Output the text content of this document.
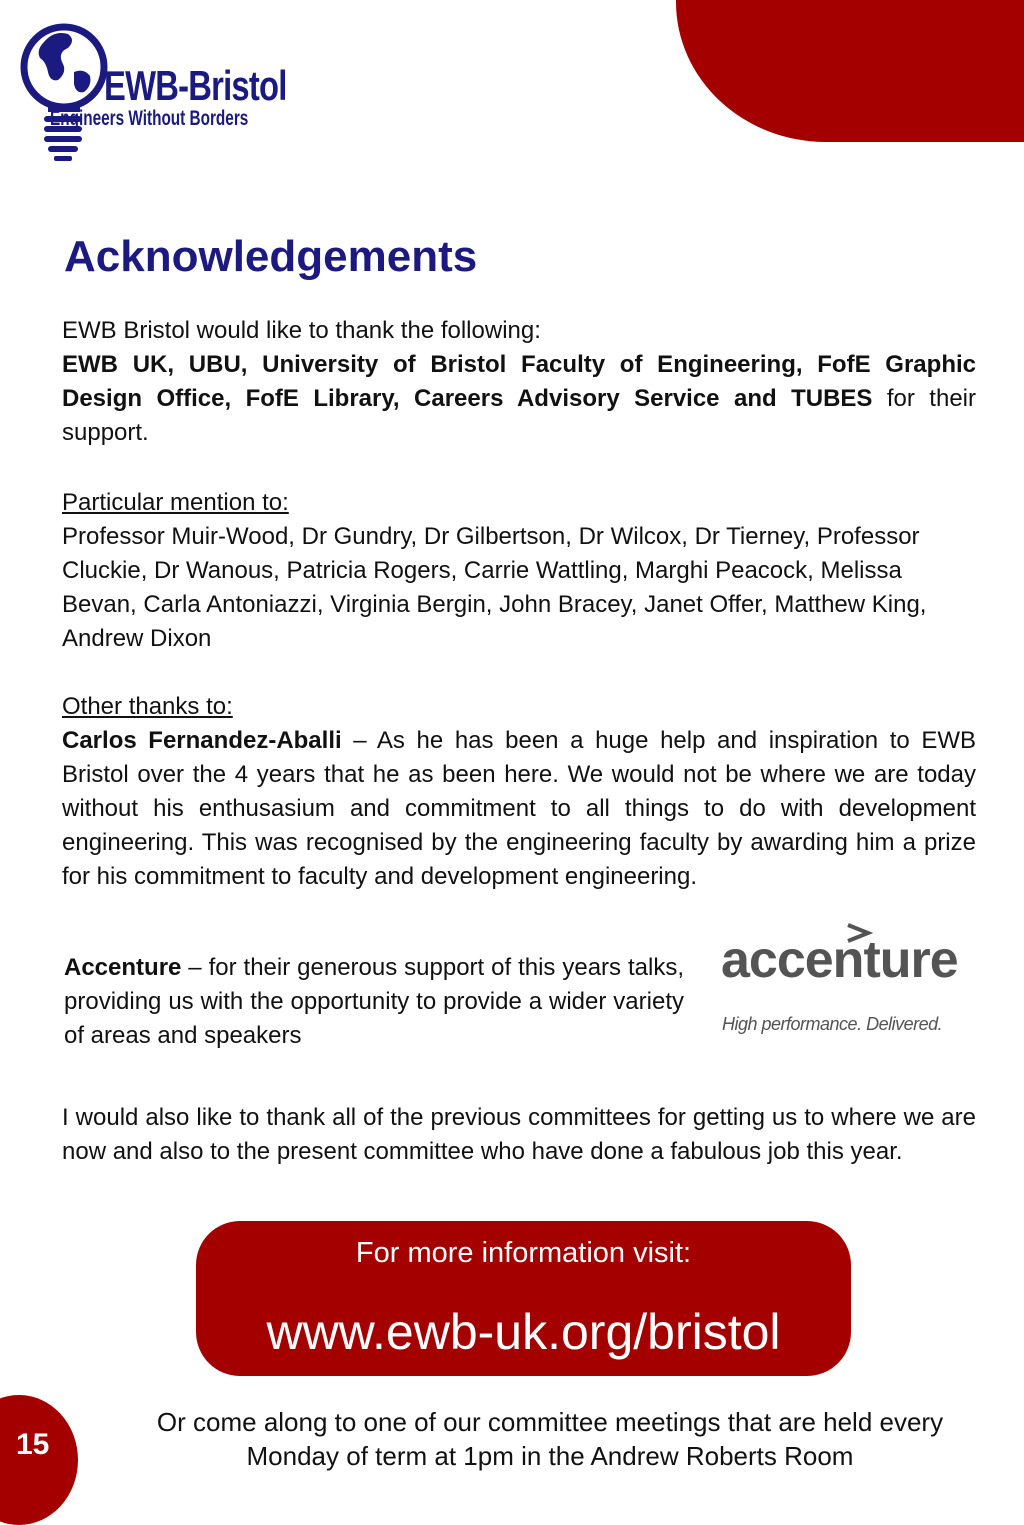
EWB-Bristol
Engineers Without Borders
Acknowledgements

EWB Bristol would like to thank the following:

EWB UK, UBU, University of Bristol Faculty of Engineering, FofE Graphic Design Office, FofE Library, Careers Advisory Service and TUBES for their support.

Particular mention to:

Professor Muir-Wood, Dr Gundry, Dr Gilbertson, Dr Wilcox, Dr Tierney, Professor Cluckie, Dr Wanous, Patricia Rogers, Carrie Wattling, Marghi Peacock, Melissa Bevan, Carla Antoniazzi, Virginia Bergin, John Bracey, Janet Offer, Matthew King, Andrew Dixon

Other thanks to:

Carlos Fernandez-Aballi – As he has been a huge help and inspiration to EWB Bristol over the 4 years that he as been here. We would not be where we are today without his enthusasium and commitment to all things to do with development engineering. This was recognised by the engineering faculty by awarding him a prize for his commitment to faculty and development engineering.

Accenture – for their generous support of this years talks, providing us with the opportunity to provide a wider variety of areas and speakers

accenture
High performance. Delivered.

I would also like to thank all of the previous committees for getting us to where we are now and also to the present committee who have done a fabulous job this year.

For more information visit:
www.ewb-uk.org/bristol

Or come along to one of our committee meetings that are held every Monday of term at 1pm in the Andrew Roberts Room

15
